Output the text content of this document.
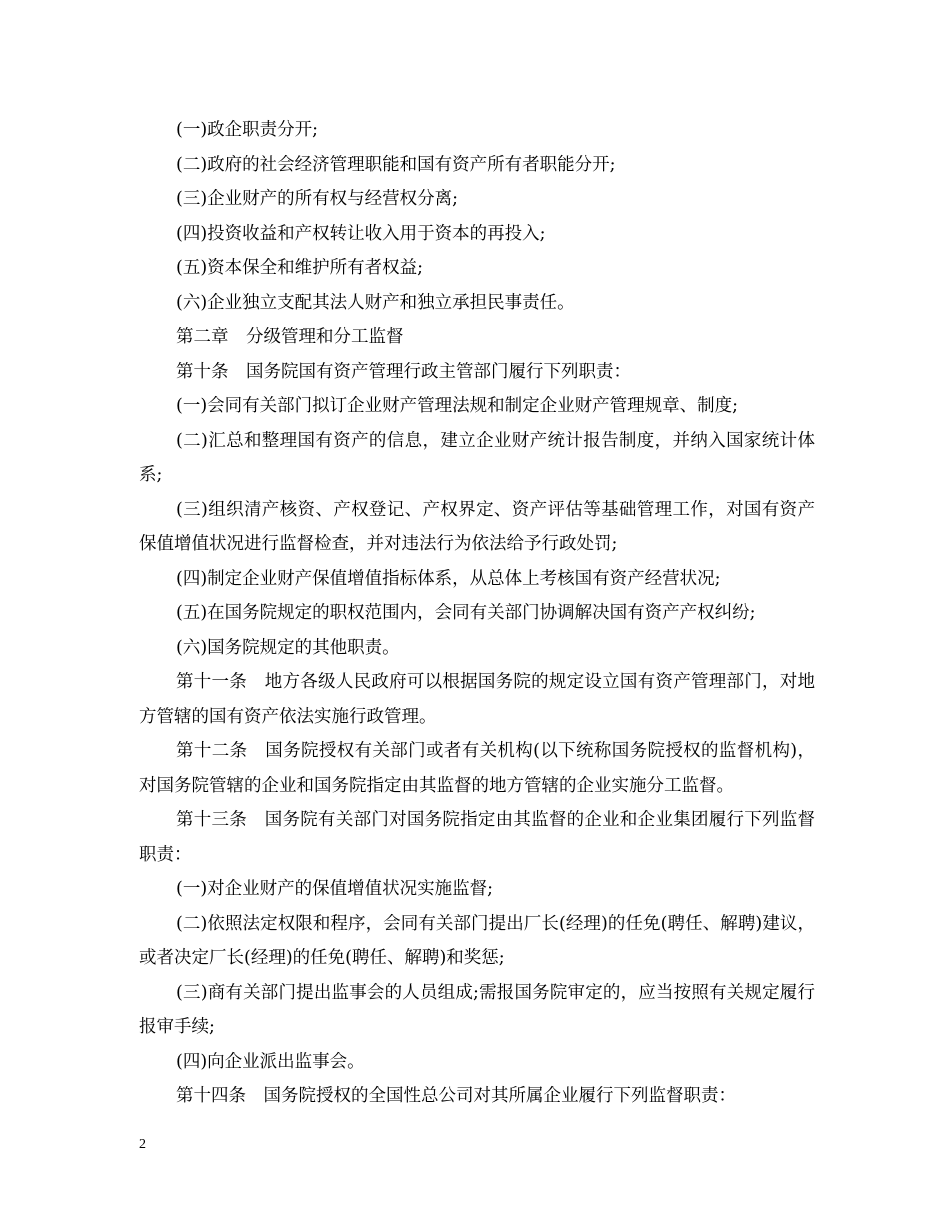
(一)政企职责分开;

(二)政府的社会经济管理职能和国有资产所有者职能分开;

(三)企业财产的所有权与经营权分离;

(四)投资收益和产权转让收入用于资本的再投入;

(五)资本保全和维护所有者权益;

(六)企业独立支配其法人财产和独立承担民事责任。

第二章　分级管理和分工监督

第十条　国务院国有资产管理行政主管部门履行下列职责：

(一)会同有关部门拟订企业财产管理法规和制定企业财产管理规章、制度;

(二)汇总和整理国有资产的信息，建立企业财产统计报告制度，并纳入国家统计体系;

(三)组织清产核资、产权登记、产权界定、资产评估等基础管理工作，对国有资产保值增值状况进行监督检查，并对违法行为依法给予行政处罚;

(四)制定企业财产保值增值指标体系，从总体上考核国有资产经营状况;

(五)在国务院规定的职权范围内，会同有关部门协调解决国有资产产权纠纷;

(六)国务院规定的其他职责。

第十一条　地方各级人民政府可以根据国务院的规定设立国有资产管理部门，对地方管辖的国有资产依法实施行政管理。

第十二条　国务院授权有关部门或者有关机构(以下统称国务院授权的监督机构)，对国务院管辖的企业和国务院指定由其监督的地方管辖的企业实施分工监督。

第十三条　国务院有关部门对国务院指定由其监督的企业和企业集团履行下列监督职责：

(一)对企业财产的保值增值状况实施监督;

(二)依照法定权限和程序，会同有关部门提出厂长(经理)的任免(聘任、解聘)建议，或者决定厂长(经理)的任免(聘任、解聘)和奖惩;

(三)商有关部门提出监事会的人员组成;需报国务院审定的，应当按照有关规定履行报审手续;

(四)向企业派出监事会。

第十四条　国务院授权的全国性总公司对其所属企业履行下列监督职责：

2
